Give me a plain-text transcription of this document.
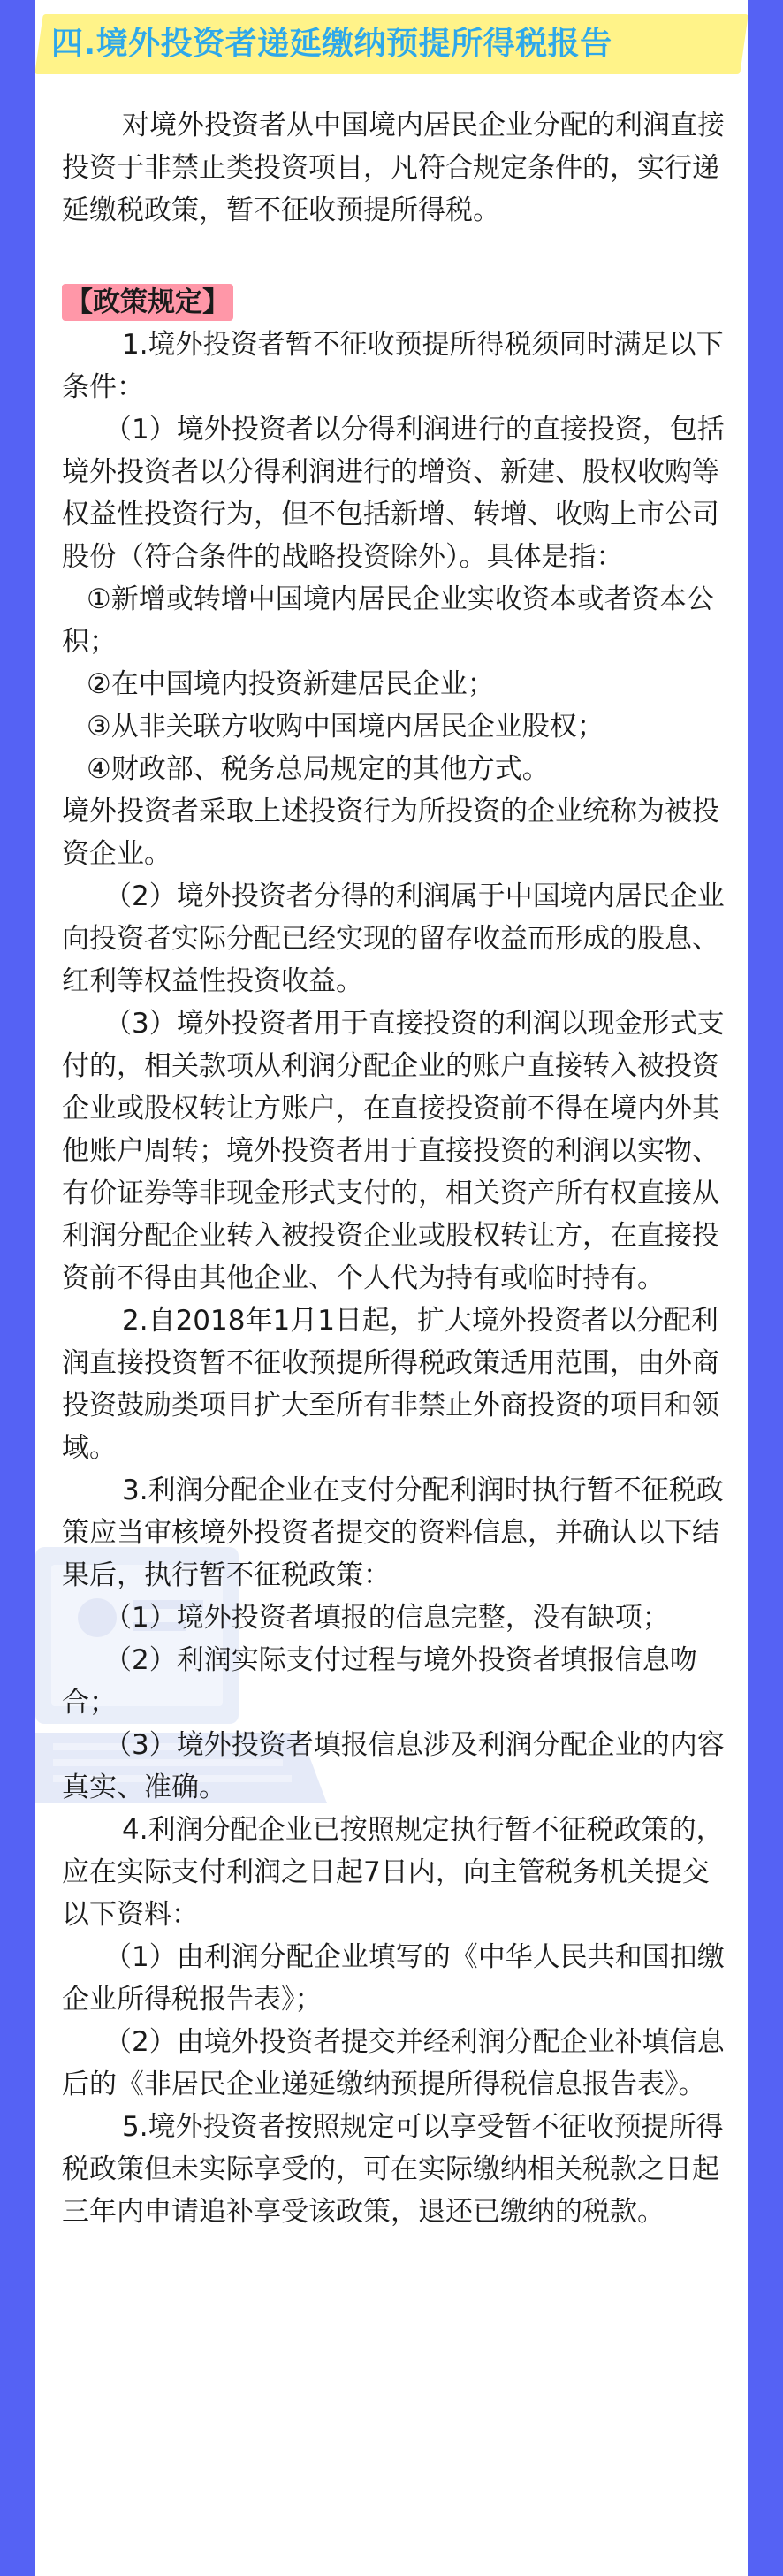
四.境外投资者递延缴纳预提所得税报告

对境外投资者从中国境内居民企业分配的利润直接投资于非禁止类投资项目，凡符合规定条件的，实行递延缴税政策，暂不征收预提所得税。

【政策规定】

1.境外投资者暂不征收预提所得税须同时满足以下条件：

（1）境外投资者以分得利润进行的直接投资，包括境外投资者以分得利润进行的增资、新建、股权收购等权益性投资行为，但不包括新增、转增、收购上市公司股份（符合条件的战略投资除外）。具体是指：

①新增或转增中国境内居民企业实收资本或者资本公积；

②在中国境内投资新建居民企业；

③从非关联方收购中国境内居民企业股权；

④财政部、税务总局规定的其他方式。

境外投资者采取上述投资行为所投资的企业统称为被投资企业。

（2）境外投资者分得的利润属于中国境内居民企业向投资者实际分配已经实现的留存收益而形成的股息、红利等权益性投资收益。

（3）境外投资者用于直接投资的利润以现金形式支付的，相关款项从利润分配企业的账户直接转入被投资企业或股权转让方账户，在直接投资前不得在境内外其他账户周转；境外投资者用于直接投资的利润以实物、有价证券等非现金形式支付的，相关资产所有权直接从利润分配企业转入被投资企业或股权转让方，在直接投资前不得由其他企业、个人代为持有或临时持有。

2.自2018年1月1日起，扩大境外投资者以分配利润直接投资暂不征收预提所得税政策适用范围，由外商投资鼓励类项目扩大至所有非禁止外商投资的项目和领域。

3.利润分配企业在支付分配利润时执行暂不征税政策应当审核境外投资者提交的资料信息，并确认以下结果后，执行暂不征税政策：

（1）境外投资者填报的信息完整，没有缺项；

（2）利润实际支付过程与境外投资者填报信息吻合；

（3）境外投资者填报信息涉及利润分配企业的内容真实、准确。

4.利润分配企业已按照规定执行暂不征税政策的，应在实际支付利润之日起7日内，向主管税务机关提交以下资料：

（1）由利润分配企业填写的《中华人民共和国扣缴企业所得税报告表》；

（2）由境外投资者提交并经利润分配企业补填信息后的《非居民企业递延缴纳预提所得税信息报告表》。

5.境外投资者按照规定可以享受暂不征收预提所得税政策但未实际享受的，可在实际缴纳相关税款之日起三年内申请追补享受该政策，退还已缴纳的税款。
